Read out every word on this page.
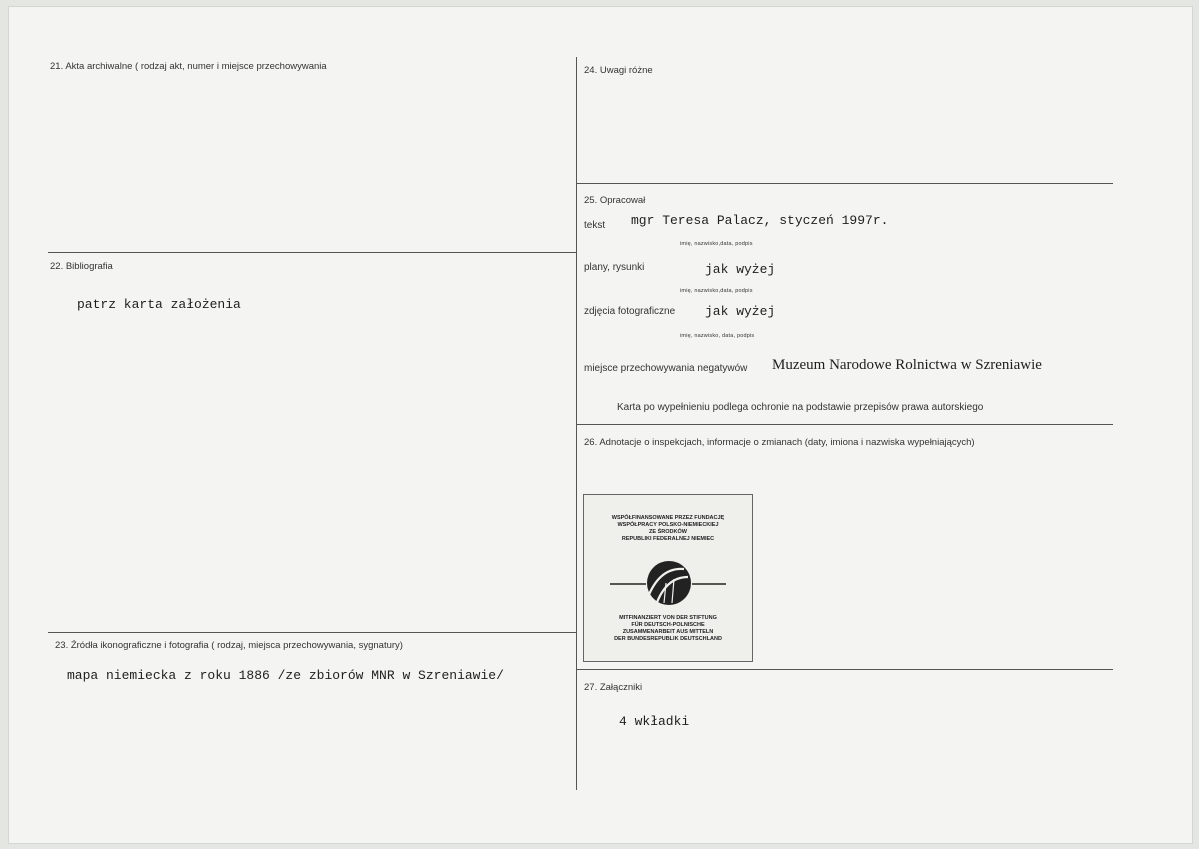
21. Akta archiwalne ( rodzaj akt, numer i miejsce przechowywania
22. Bibliografia
patrz karta założenia
23. Źródła ikonograficzne i fotografia ( rodzaj, miejsca przechowywania, sygnatury)
mapa niemiecka z roku 1886 /ze zbiorów MNR w Szreniawie/
24. Uwagi różne
25. Opracował
tekst mgr Teresa Palacz, styczeń 1997r.
imię, nazwisko,data, podpis
plany, rysunki	jak wyżej
imię, nazwisko,data, podpis
zdjęcia fotograficzne jak wyżej
imię, nazwisko, data, podpis
miejsce przechowywania negatywów Muzeum Narodowe Rolnictwa w Szreniawie
Karta po wypełnieniu podlega ochronie na podstawie przepisów prawa autorskiego
26. Adnotacje o inspekcjach, informacje o zmianach (daty, imiona i nazwiska wypełniających)
WSPÓŁFINANSOWANE PRZEZ FUNDACJĘ
WSPÓŁPRACY POLSKO-NIEMIECKIEJ
ZE ŚRODKÓW
REPUBLIKI FEDERALNEJ NIEMIEC
MITFINANZIERT VON DER STIFTUNG
FÜR DEUTSCH-POLNISCHE
ZUSAMMENARBEIT AUS MITTELN
DER BUNDESREPUBLIK DEUTSCHLAND
27. Załączniki
4 wkładki
